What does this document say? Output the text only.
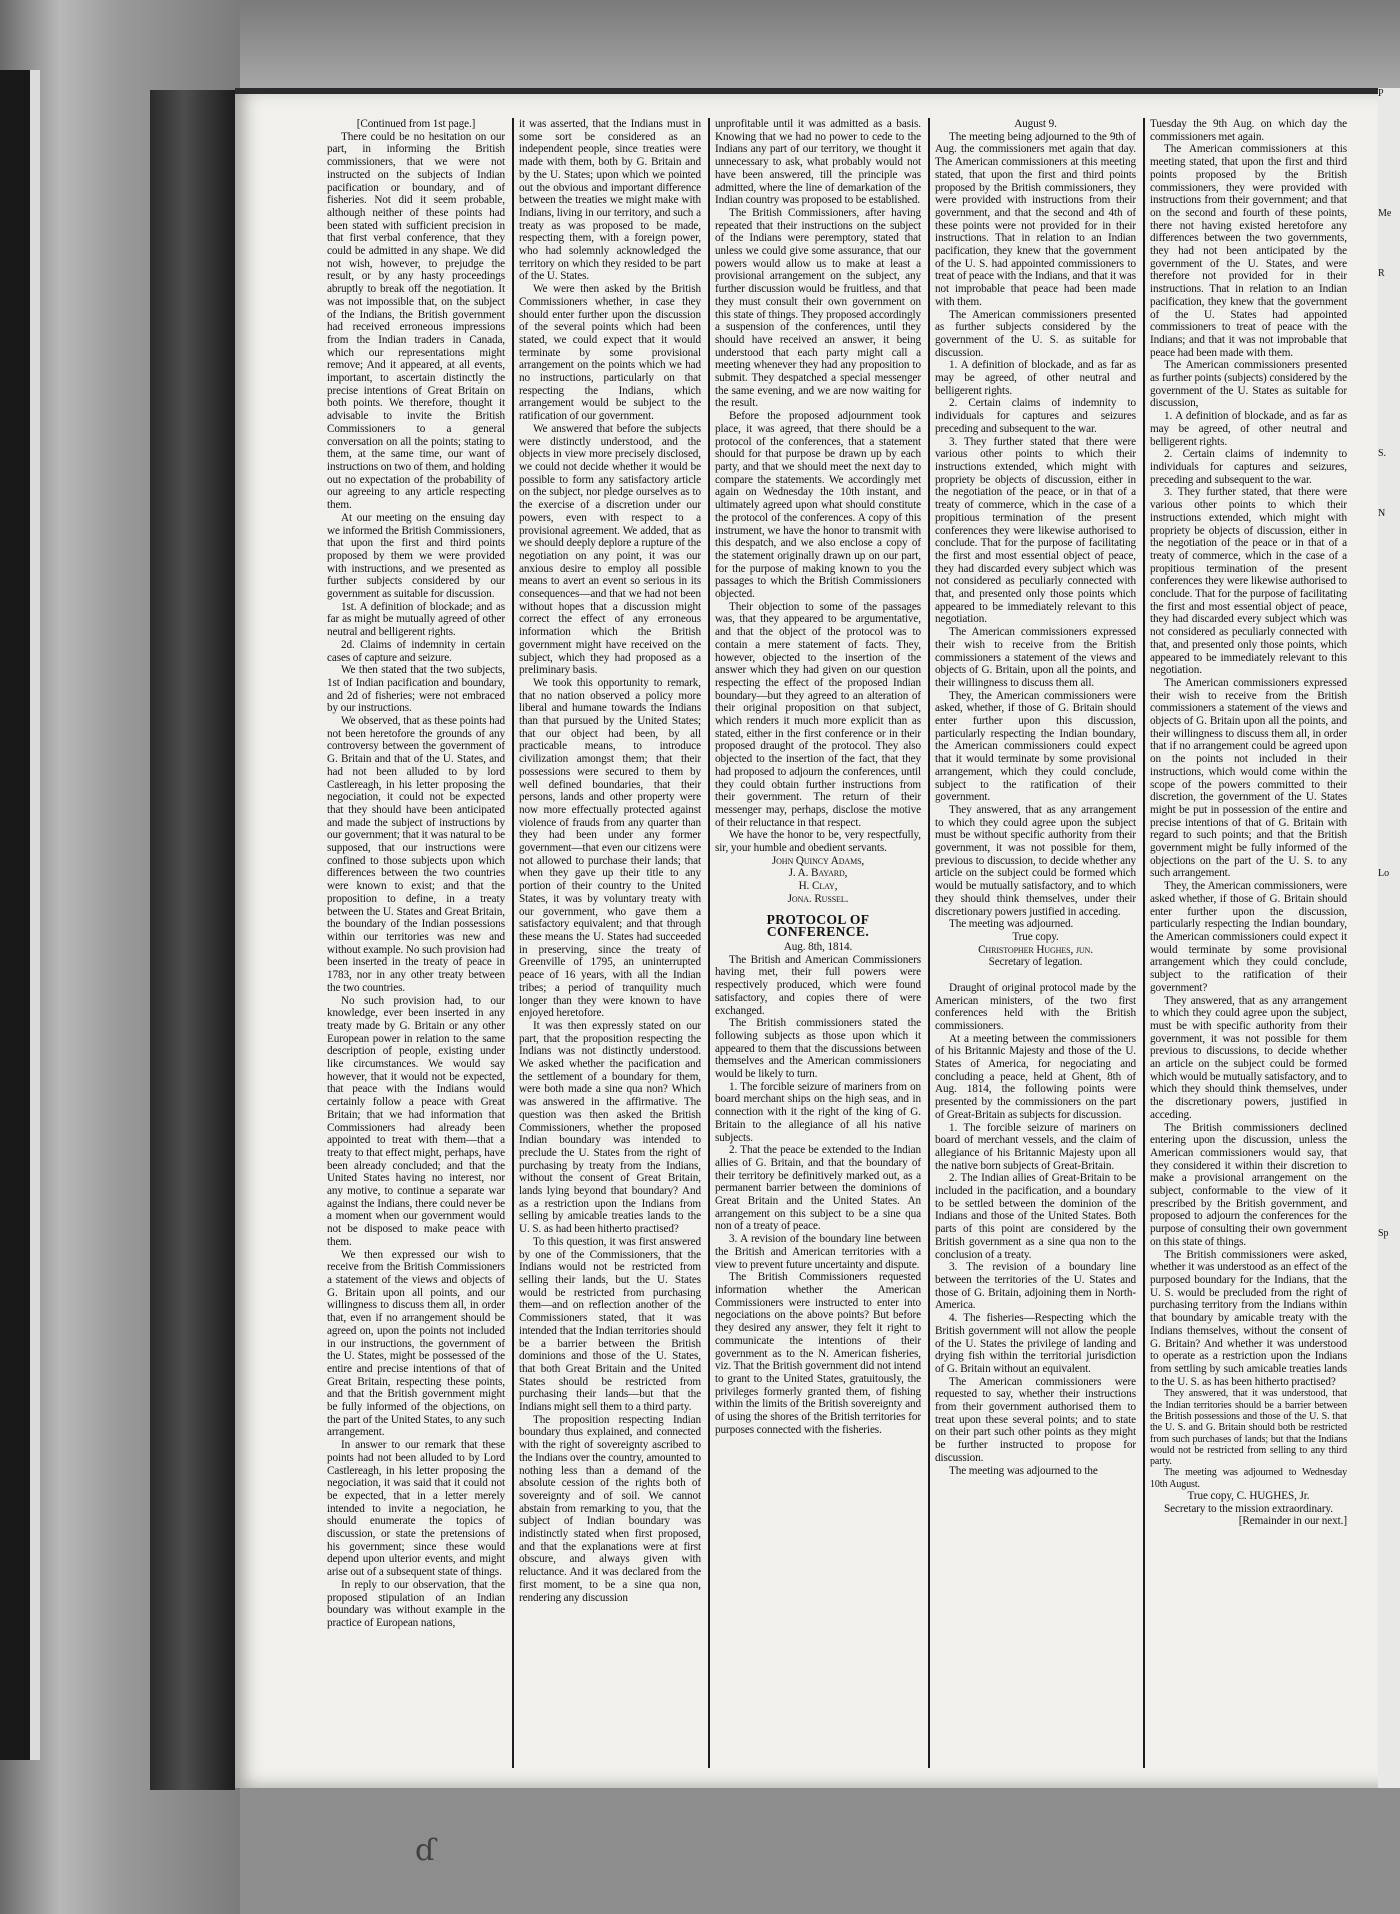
[Continued from 1st page.]

There could be no hesitation on our part, in informing the British commissioners, that we were not instructed on the subjects of Indian pacification or boundary, and of fisheries. Not did it seem probable, although neither of these points had been stated with sufficient precision in that first verbal conference, that they could be admitted in any shape. We did not wish, however, to prejudge the result, or by any hasty proceedings abruptly to break off the negotiation. It was not impossible that, on the subject of the Indians, the British government had received erroneous impressions from the Indian traders in Canada, which our representations might remove; And it appeared, at all events, important, to ascertain distinctly the precise intentions of Great Britain on both points. We therefore, thought it advisable to invite the British Commissioners to a general conversation on all the points; stating to them, at the same time, our want of instructions on two of them, and holding out no expectation of the probability of our agreeing to any article respecting them.

At our meeting on the ensuing day we informed the British Commissioners, that upon the first and third points proposed by them we were provided with instructions, and we presented as further subjects considered by our government as suitable for discussion.

1st. A definition of blockade; and as far as might be mutually agreed of other neutral and belligerent rights.

2d. Claims of indemnity in certain cases of capture and seizure.

We then stated that the two subjects, 1st of Indian pacification and boundary, and 2d of fisheries; were not embraced by our instructions.

We observed, that as these points had not been heretofore the grounds of any controversy between the government of G. Britain and that of the U. States, and had not been alluded to by lord Castlereagh, in his letter proposing the negociation, it could not be expected that they should have been anticipated and made the subject of instructions by our government; that it was natural to be supposed, that our instructions were confined to those subjects upon which differences between the two countries were known to exist; and that the proposition to define, in a treaty between the U. States and Great Britain, the boundary of the Indian possessions within our territories was new and without example. No such provision had been inserted in the treaty of peace in 1783, nor in any other treaty between the two countries.

No such provision had, to our knowledge, ever been inserted in any treaty made by G. Britain or any other European power in relation to the same description of people, existing under like circumstances. We would say however, that it would not be expected, that peace with the Indians would certainly follow a peace with Great Britain; that we had information that Commissioners had already been appointed to treat with them—that a treaty to that effect might, perhaps, have been already concluded; and that the United States having no interest, nor any motive, to continue a separate war against the Indians, there could never be a moment when our government would not be disposed to make peace with them.

We then expressed our wish to receive from the British Commissioners a statement of the views and objects of G. Britain upon all points, and our willingness to discuss them all, in order that, even if no arrangement should be agreed on, upon the points not included in our instructions, the government of the U. States, might be possessed of the entire and precise intentions of that of Great Britain, respecting these points, and that the British government might be fully informed of the objections, on the part of the United States, to any such arrangement.

In answer to our remark that these points had not been alluded to by Lord Castlereagh, in his letter proposing the negociation, it was said that it could not be expected, that in a letter merely intended to invite a negociation, he should enumerate the topics of discussion, or state the pretensions of his government; since these would depend upon ulterior events, and might arise out of a subsequent state of things.

In reply to our observation, that the proposed stipulation of an Indian boundary was without example in the practice of European nations,

it was asserted, that the Indians must in some sort be considered as an independent people, since treaties were made with them, both by G. Britain and by the U. States; upon which we pointed out the obvious and important difference between the treaties we might make with Indians, living in our territory, and such a treaty as was proposed to be made, respecting them, with a foreign power, who had solemnly acknowledged the territory on which they resided to be part of the U. States.

We were then asked by the British Commissioners whether, in case they should enter further upon the discussion of the several points which had been stated, we could expect that it would terminate by some provisional arrangement on the points which we had no instructions, particularly on that respecting the Indians, which arrangement would be subject to the ratification of our government.

We answered that before the subjects were distinctly understood, and the objects in view more precisely disclosed, we could not decide whether it would be possible to form any satisfactory article on the subject, nor pledge ourselves as to the exercise of a discretion under our powers, even with respect to a provisional agreement. We added, that as we should deeply deplore a rupture of the negotiation on any point, it was our anxious desire to employ all possible means to avert an event so serious in its consequences—and that we had not been without hopes that a discussion might correct the effect of any erroneous information which the British government might have received on the subject, which they had proposed as a preliminary basis.

We took this opportunity to remark, that no nation observed a policy more liberal and humane towards the Indians than that pursued by the United States; that our object had been, by all practicable means, to introduce civilization amongst them; that their possessions were secured to them by well defined boundaries, that their persons, lands and other property were now more effectually protected against violence of frauds from any quarter than they had been under any former government—that even our citizens were not allowed to purchase their lands; that when they gave up their title to any portion of their country to the United States, it was by voluntary treaty with our government, who gave them a satisfactory equivalent; and that through these means the U. States had succeeded in preserving, since the treaty of Greenville of 1795, an uninterrupted peace of 16 years, with all the Indian tribes; a period of tranquility much longer than they were known to have enjoyed heretofore.

It was then expressly stated on our part, that the proposition respecting the Indians was not distinctly understood. We asked whether the pacification and the settlement of a boundary for them, were both made a sine qua non? Which was answered in the affirmative. The question was then asked the British Commissioners, whether the proposed Indian boundary was intended to preclude the U. States from the right of purchasing by treaty from the Indians, without the consent of Great Britain, lands lying beyond that boundary? And as a restriction upon the Indians from selling by amicable treaties lands to the U. S. as had been hitherto practised?

To this question, it was first answered by one of the Commissioners, that the Indians would not be restricted from selling their lands, but the U. States would be restricted from purchasing them—and on reflection another of the Commissioners stated, that it was intended that the Indian territories should be a barrier between the British dominions and those of the U. States, that both Great Britain and the United States should be restricted from purchasing their lands—but that the Indians might sell them to a third party.

The proposition respecting Indian boundary thus explained, and connected with the right of sovereignty ascribed to the Indians over the country, amounted to nothing less than a demand of the absolute cession of the rights both of sovereignty and of soil. We cannot abstain from remarking to you, that the subject of Indian boundary was indistinctly stated when first proposed, and that the explanations were at first obscure, and always given with reluctance. And it was declared from the first moment, to be a sine qua non, rendering any discussion

unprofitable until it was admitted as a basis. Knowing that we had no power to cede to the Indians any part of our territory, we thought it unnecessary to ask, what probably would not have been answered, till the principle was admitted, where the line of demarkation of the Indian country was proposed to be established.

The British Commissioners, after having repeated that their instructions on the subject of the Indians were peremptory, stated that unless we could give some assurance, that our powers would allow us to make at least a provisional arrangement on the subject, any further discussion would be fruitless, and that they must consult their own government on this state of things. They proposed accordingly a suspension of the conferences, until they should have received an answer, it being understood that each party might call a meeting whenever they had any proposition to submit. They despatched a special messenger the same evening, and we are now waiting for the result.

Before the proposed adjournment took place, it was agreed, that there should be a protocol of the conferences, that a statement should for that purpose be drawn up by each party, and that we should meet the next day to compare the statements. We accordingly met again on Wednesday the 10th instant, and ultimately agreed upon what should constitute the protocol of the conferences. A copy of this instrument, we have the honor to transmit with this despatch, and we also enclose a copy of the statement originally drawn up on our part, for the purpose of making known to you the passages to which the British Commissioners objected.

Their objection to some of the passages was, that they appeared to be argumentative, and that the object of the protocol was to contain a mere statement of facts. They, however, objected to the insertion of the answer which they had given on our question respecting the effect of the proposed Indian boundary—but they agreed to an alteration of their original proposition on that subject, which renders it much more explicit than as stated, either in the first conference or in their proposed draught of the protocol. They also objected to the insertion of the fact, that they had proposed to adjourn the conferences, until they could obtain further instructions from their government. The return of their messenger may, perhaps, disclose the motive of their reluctance in that respect.

We have the honor to be, very respectfully, sir, your humble and obedient servants.

John Quincy Adams,

J. A. Bayard,

H. Clay,

Jona. Russel.

PROTOCOL OF CONFERENCE.

Aug. 8th, 1814.

The British and American Commissioners having met, their full powers were respectively produced, which were found satisfactory, and copies there of were exchanged.

The British commissioners stated the following subjects as those upon which it appeared to them that the discussions between themselves and the American commissioners would be likely to turn.

1. The forcible seizure of mariners from on board merchant ships on the high seas, and in connection with it the right of the king of G. Britain to the allegiance of all his native subjects.

2. That the peace be extended to the Indian allies of G. Britain, and that the boundary of their territory be definitively marked out, as a permanent barrier between the dominions of Great Britain and the United States. An arrangement on this subject to be a sine qua non of a treaty of peace.

3. A revision of the boundary line between the British and American territories with a view to prevent future uncertainty and dispute.

The British Commissioners requested information whether the American Commissioners were instructed to enter into negociations on the above points? But before they desired any answer, they felt it right to communicate the intentions of their government as to the N. American fisheries, viz. That the British government did not intend to grant to the United States, gratuitously, the privileges formerly granted them, of fishing within the limits of the British sovereignty and of using the shores of the British territories for purposes connected with the fisheries.

August 9.

The meeting being adjourned to the 9th of Aug. the commissioners met again that day. The American commissioners at this meeting stated, that upon the first and third points proposed by the British commissioners, they were provided with instructions from their government, and that the second and 4th of these points were not provided for in their instructions. That in relation to an Indian pacification, they knew that the government of the U. S. had appointed commissioners to treat of peace with the Indians, and that it was not improbable that peace had been made with them.

The American commissioners presented as further subjects considered by the government of the U. S. as suitable for discussion.

1. A definition of blockade, and as far as may be agreed, of other neutral and belligerent rights.

2. Certain claims of indemnity to individuals for captures and seizures preceding and subsequent to the war.

3. They further stated that there were various other points to which their instructions extended, which might with propriety be objects of discussion, either in the negotiation of the peace, or in that of a treaty of commerce, which in the case of a propitious termination of the present conferences they were likewise authorised to conclude. That for the purpose of facilitating the first and most essential object of peace, they had discarded every subject which was not considered as peculiarly connected with that, and presented only those points which appeared to be immediately relevant to this negotiation.

The American commissioners expressed their wish to receive from the British commissioners a statement of the views and objects of G. Britain, upon all the points, and their willingness to discuss them all.

They, the American commissioners were asked, whether, if those of G. Britain should enter further upon this discussion, particularly respecting the Indian boundary, the American commissioners could expect that it would terminate by some provisional arrangement, which they could conclude, subject to the ratification of their government.

They answered, that as any arrangement to which they could agree upon the subject must be without specific authority from their government, it was not possible for them, previous to discussion, to decide whether any article on the subject could be formed which would be mutually satisfactory, and to which they should think themselves, under their discretionary powers justified in acceding.

The meeting was adjourned.

True copy.

Christopher Hughes, jun.

Secretary of legation.

Draught of original protocol made by the American ministers, of the two first conferences held with the British commissioners.

At a meeting between the commissioners of his Britannic Majesty and those of the U. States of America, for negociating and concluding a peace, held at Ghent, 8th of Aug. 1814, the following points were presented by the commissioners on the part of Great-Britain as subjects for discussion.

1. The forcible seizure of mariners on board of merchant vessels, and the claim of allegiance of his Britannic Majesty upon all the native born subjects of Great-Britain.

2. The Indian allies of Great-Britain to be included in the pacification, and a boundary to be settled between the dominion of the Indians and those of the United States. Both parts of this point are considered by the British government as a sine qua non to the conclusion of a treaty.

3. The revision of a boundary line between the territories of the U. States and those of G. Britain, adjoining them in North-America.

4. The fisheries—Respecting which the British government will not allow the people of the U. States the privilege of landing and drying fish within the territorial jurisdiction of G. Britain without an equivalent.

The American commissioners were requested to say, whether their instructions from their government authorised them to treat upon these several points; and to state on their part such other points as they might be further instructed to propose for discussion.

The meeting was adjourned to the

Tuesday the 9th Aug. on which day the commissioners met again.

The American commissioners at this meeting stated, that upon the first and third points proposed by the British commissioners, they were provided with instructions from their government; and that on the second and fourth of these points, there not having existed heretofore any differences between the two governments, they had not been anticipated by the government of the U. States, and were therefore not provided for in their instructions. That in relation to an Indian pacification, they knew that the government of the U. States had appointed commissioners to treat of peace with the Indians; and that it was not improbable that peace had been made with them.

The American commissioners presented as further points (subjects) considered by the government of the U. States as suitable for discussion,

1. A definition of blockade, and as far as may be agreed, of other neutral and belligerent rights.

2. Certain claims of indemnity to individuals for captures and seizures, preceding and subsequent to the war.

3. They further stated, that there were various other points to which their instructions extended, which might with propriety be objects of discussion, either in the negotiation of the peace or in that of a treaty of commerce, which in the case of a propitious termination of the present conferences they were likewise authorised to conclude. That for the purpose of facilitating the first and most essential object of peace, they had discarded every subject which was not considered as peculiarly connected with that, and presented only those points, which appeared to be immediately relevant to this negotiation.

The American commissioners expressed their wish to receive from the British commissioners a statement of the views and objects of G. Britain upon all the points, and their willingness to discuss them all, in order that if no arrangement could be agreed upon on the points not included in their instructions, which would come within the scope of the powers committed to their discretion, the government of the U. States might be put in possession of the entire and precise intentions of that of G. Britain with regard to such points; and that the British government might be fully informed of the objections on the part of the U. S. to any such arrangement.

They, the American commissioners, were asked whether, if those of G. Britain should enter further upon the discussion, particularly respecting the Indian boundary, the American commissioners could expect it would terminate by some provisional arrangement which they could conclude, subject to the ratification of their government?

They answered, that as any arrangement to which they could agree upon the subject, must be with specific authority from their government, it was not possible for them previous to discussions, to decide whether an article on the subject could be formed which would be mutually satisfactory, and to which they should think themselves, under the discretionary powers, justified in acceding.

The British commissioners declined entering upon the discussion, unless the American commissioners would say, that they considered it within their discretion to make a provisional arrangement on the subject, conformable to the view of it prescribed by the British government, and proposed to adjourn the conferences for the purpose of consulting their own government on this state of things.

The British commissioners were asked, whether it was understood as an effect of the purposed boundary for the Indians, that the U. S. would be precluded from the right of purchasing territory from the Indians within that boundary by amicable treaty with the Indians themselves, without the consent of G. Britain? And whether it was understood to operate as a restriction upon the Indians from settling by such amicable treaties lands to the U. S. as has been hitherto practised?

They answered, that it was understood, that the Indian territories should be a barrier between the British possessions and those of the U. S. that the U. S. and G. Britain should both be restricted from such purchases of lands; but that the Indians would not be restricted from selling to any third party.

The meeting was adjourned to Wednesday 10th August.

True copy, C. HUGHES, Jr.

Secretary to the mission extraordinary.

[Remainder in our next.]

ɗ
P
Me
R
S.
N
Lo
Sp
